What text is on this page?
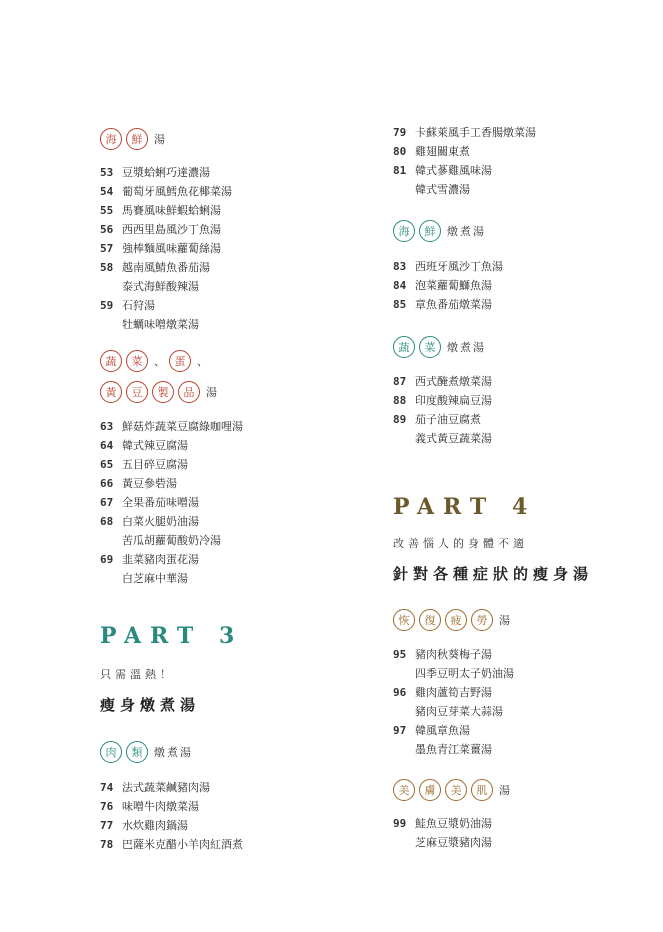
海	鮮	湯
蔬	菜	、 蛋	、
黃	豆	製	品	湯
PART 3
只需溫熱！
瘦身燉煮湯
肉	類	燉煮湯
海	鮮	燉煮湯
蔬	菜	燉煮湯
PART 4
改善惱人的身體不適
針對各種症狀的瘦身湯
恢	復	疲	勞	湯
美	膚	美	肌	湯
53 豆漿蛤蜊巧達濃湯
54 葡萄牙風鱈魚花椰菜湯
55 馬賽風味鮮蝦蛤蜊湯
56 西西里島風沙丁魚湯
57 強棒麵風味蘿蔔絲湯
58 越南風鯖魚番茄湯
泰式海鮮酸辣湯
59 石狩湯
牡蠣味噌燉菜湯
63 鮮菇炸蔬菜豆腐綠咖哩湯
64 韓式辣豆腐湯
65 五目碎豆腐湯
66 黃豆參砦湯
67 全果番茄味噌湯
68 白菜火腿奶油湯
苦瓜胡蘿蔔酸奶冷湯
69 韭菜豬肉蛋花湯
白芝麻中華湯
74 法式蔬菜鹹豬肉湯
76 味噌牛肉燉菜湯
77 水炊雞肉鍋湯
78 巴薩米克醋小羊肉紅酒煮
79 卡蘇萊風手工香腸燉菜湯
80 雞翅關東煮
81 韓式蔘雞風味湯
韓式雪濃湯
83 西班牙風沙丁魚湯
84 泡菜蘿蔔鰤魚湯
85 章魚番茄燉菜湯
87 西式醃煮燉菜湯
88 印度酸辣扁豆湯
89 茄子油豆腐煮
義式黃豆蔬菜湯
95 豬肉秋葵梅子湯
四季豆明太子奶油湯
96 雞肉蘆筍吉野湯
豬肉豆芽菜大蒜湯
97 韓風章魚湯
墨魚青江菜薑湯
99 鮭魚豆漿奶油湯
芝麻豆漿豬肉湯
